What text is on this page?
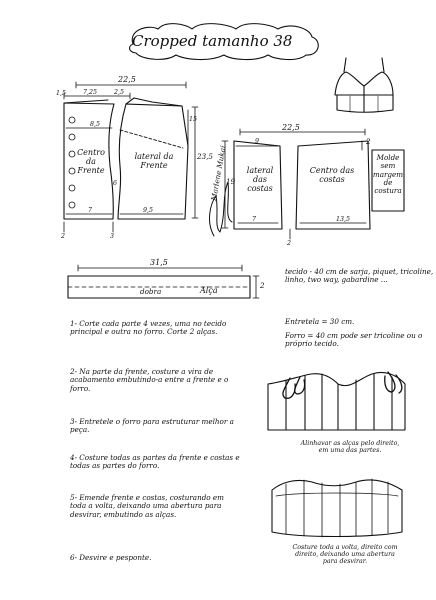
Cropped tamanho 38
22,5
1,5	7,25	2,5
8,5
15
23,5
6
7	9,5
2	3
Centro da Frente
lateral da Frente
22,5
9	2
19
7	13,5
2
lateral das costas
Centro das costas
Molde sem margem de costura
Marlene Mukai
31,5
2
dobra	Alça
tecido - 40 cm de sarja, piquet, tricoline, linho, two way, gabardine ...
Entretela = 30 cm.
Forro = 40 cm pode ser tricoline ou o próprio tecido.
1- Corte cada parte 4 vezes, uma no tecido principal e outra no forro. Corte 2 alças.
2- Na parte da frente, costure a vira de acabamento embutindo-a entre a frente e o forro.
3- Entretele o forro para estruturar melhor a peça.
4- Costure todas as partes da frente e costas e todas as partes do forro.
5- Emende frente e costas, costurando em toda a volta, deixando uma abertura para desvirar, embutindo as alças.
6- Desvire e pesponte.
Alinhavar as alças pelo direito, em uma das partes.
Costure toda a volta, direito com direito, deixando uma abertura para desvirar.
